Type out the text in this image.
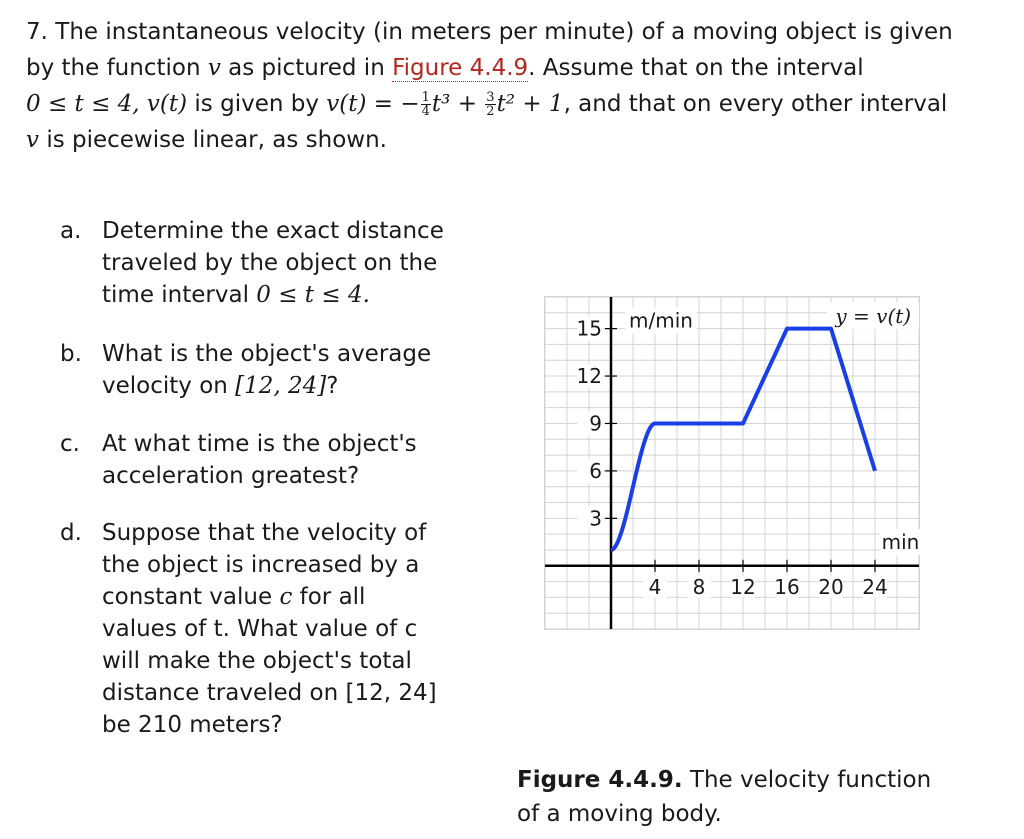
7. The instantaneous velocity (in meters per minute) of a moving object is given
by the function v as pictured in Figure 4.4.9. Assume that on the interval
0 ≤ t ≤ 4, v(t) is given by v(t) = − $\frac{1}{4} t^3 + \frac{3}{2} t^2 + 1$, and that on every other interval
v is piecewise linear, as shown.
a. Determine the exact distance traveled by the object on the time interval 0 ≤ t ≤ 4.
b. What is the object's average velocity on [12, 24]?
c. At what time is the object's acceleration greatest?
d. Suppose that the velocity of the object is increased by a constant value c for all values of t. What value of c will make the object's total distance traveled on [12, 24] be 210 meters?
4 8 12 16 20 24
3
6
9
15
12
m/min
min
y = v(t)
Figure 4.4.9. The velocity function of a moving body.
